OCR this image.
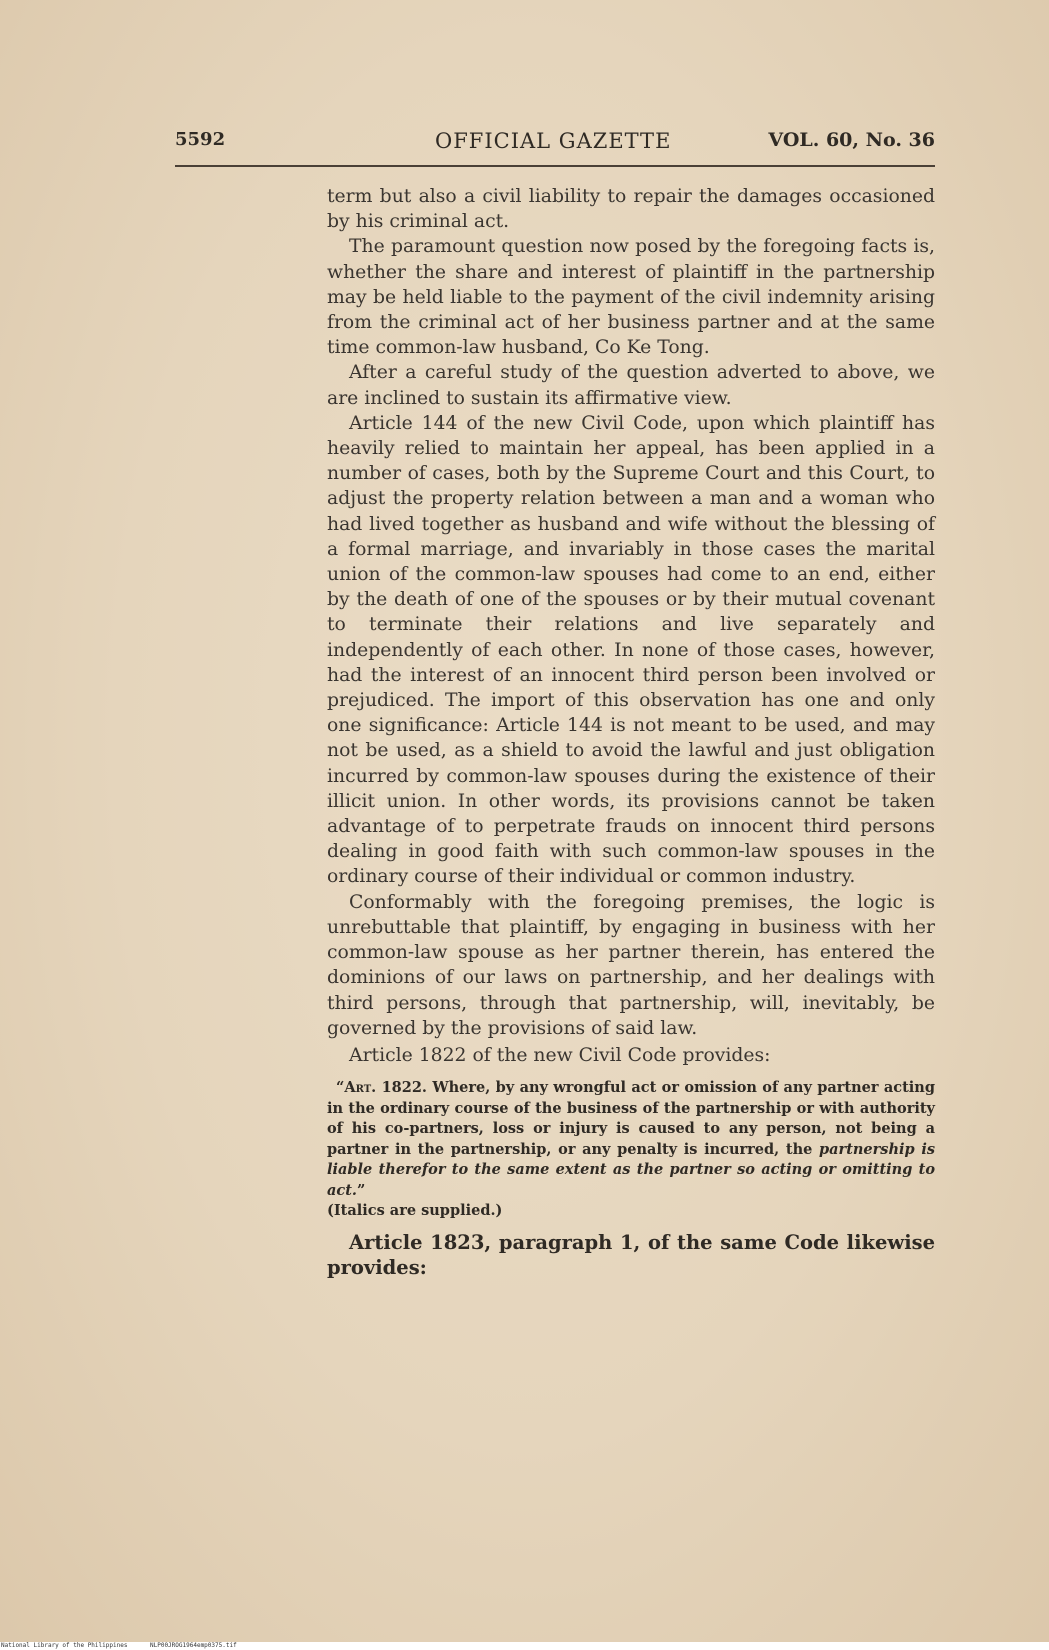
5592	OFFICIAL GAZETTE	VOL. 60, No. 36

term but also a civil liability to repair the damages occasioned by his criminal act.

The paramount question now posed by the foregoing facts is, whether the share and interest of plaintiff in the partnership may be held liable to the payment of the civil indemnity arising from the criminal act of her business partner and at the same time common-law husband, Co Ke Tong.

After a careful study of the question adverted to above, we are inclined to sustain its affirmative view.

Article 144 of the new Civil Code, upon which plaintiff has heavily relied to maintain her appeal, has been applied in a number of cases, both by the Supreme Court and this Court, to adjust the property relation between a man and a woman who had lived together as husband and wife without the blessing of a formal marriage, and invariably in those cases the marital union of the common-law spouses had come to an end, either by the death of one of the spouses or by their mutual covenant to terminate their relations and live separately and independently of each other. In none of those cases, however, had the interest of an innocent third person been involved or prejudiced. The import of this observation has one and only one significance: Article 144 is not meant to be used, and may not be used, as a shield to avoid the lawful and just obligation incurred by common-law spouses during the existence of their illicit union. In other words, its provisions cannot be taken advantage of to perpetrate frauds on innocent third persons dealing in good faith with such common-law spouses in the ordinary course of their individual or common industry.

Conformably with the foregoing premises, the logic is unrebuttable that plaintiff, by engaging in business with her common-law spouse as her partner therein, has entered the dominions of our laws on partnership, and her dealings with third persons, through that partnership, will, inevitably, be governed by the provisions of said law.

Article 1822 of the new Civil Code provides:

“Art. 1822. Where, by any wrongful act or omission of any partner acting in the ordinary course of the business of the partnership or with authority of his co-partners, loss or injury is caused to any person, not being a partner in the partnership, or any penalty is incurred, the partnership is liable therefor to the same extent as the partner so acting or omitting to act.”
(Italics are supplied.)

Article 1823, paragraph 1, of the same Code likewise provides:

National Library of the Philippines	NLP00JROG1964emp0375.tif
